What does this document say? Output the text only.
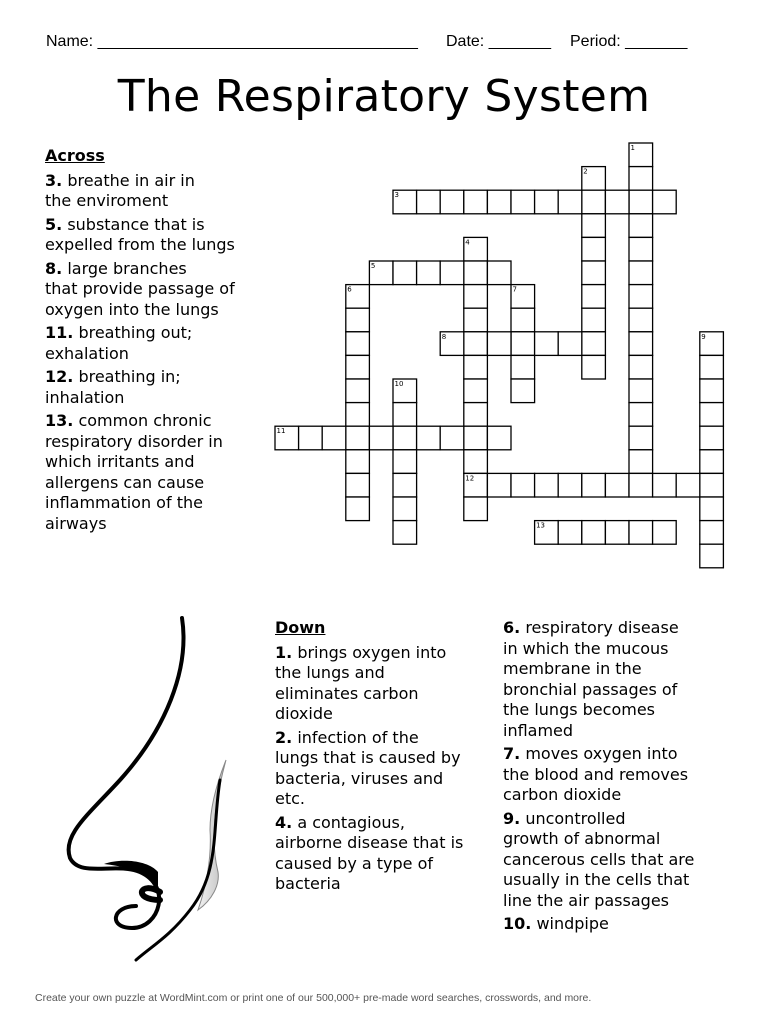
Name: ____________________________________ Date: _______ Period: _______
The Respiratory System
Across

3. breathe in air in

the enviroment

5. substance that is

expelled from the lungs

8. large branches

that provide passage of

oxygen into the lungs

11. breathing out;

exhalation

12. breathing in;

inhalation

13. common chronic

respiratory disorder in

which irritants and

allergens can cause

inflammation of the

airways

1
2
3
4
5
6	7
8	9
10
11
12
13
Down

1. brings oxygen into

the lungs and

eliminates carbon

dioxide

2. infection of the

lungs that is caused by

bacteria, viruses and

etc.

4. a contagious,

airborne disease that is

caused by a type of

bacteria

6. respiratory disease

in which the mucous

membrane in the

bronchial passages of

the lungs becomes

inflamed

7. moves oxygen into

the blood and removes

carbon dioxide

9. uncontrolled

growth of abnormal

cancerous cells that are

usually in the cells that

line the air passages

10. windpipe

Create your own puzzle at WordMint.com or print one of our 500,000+ pre-made word searches, crosswords, and more.
